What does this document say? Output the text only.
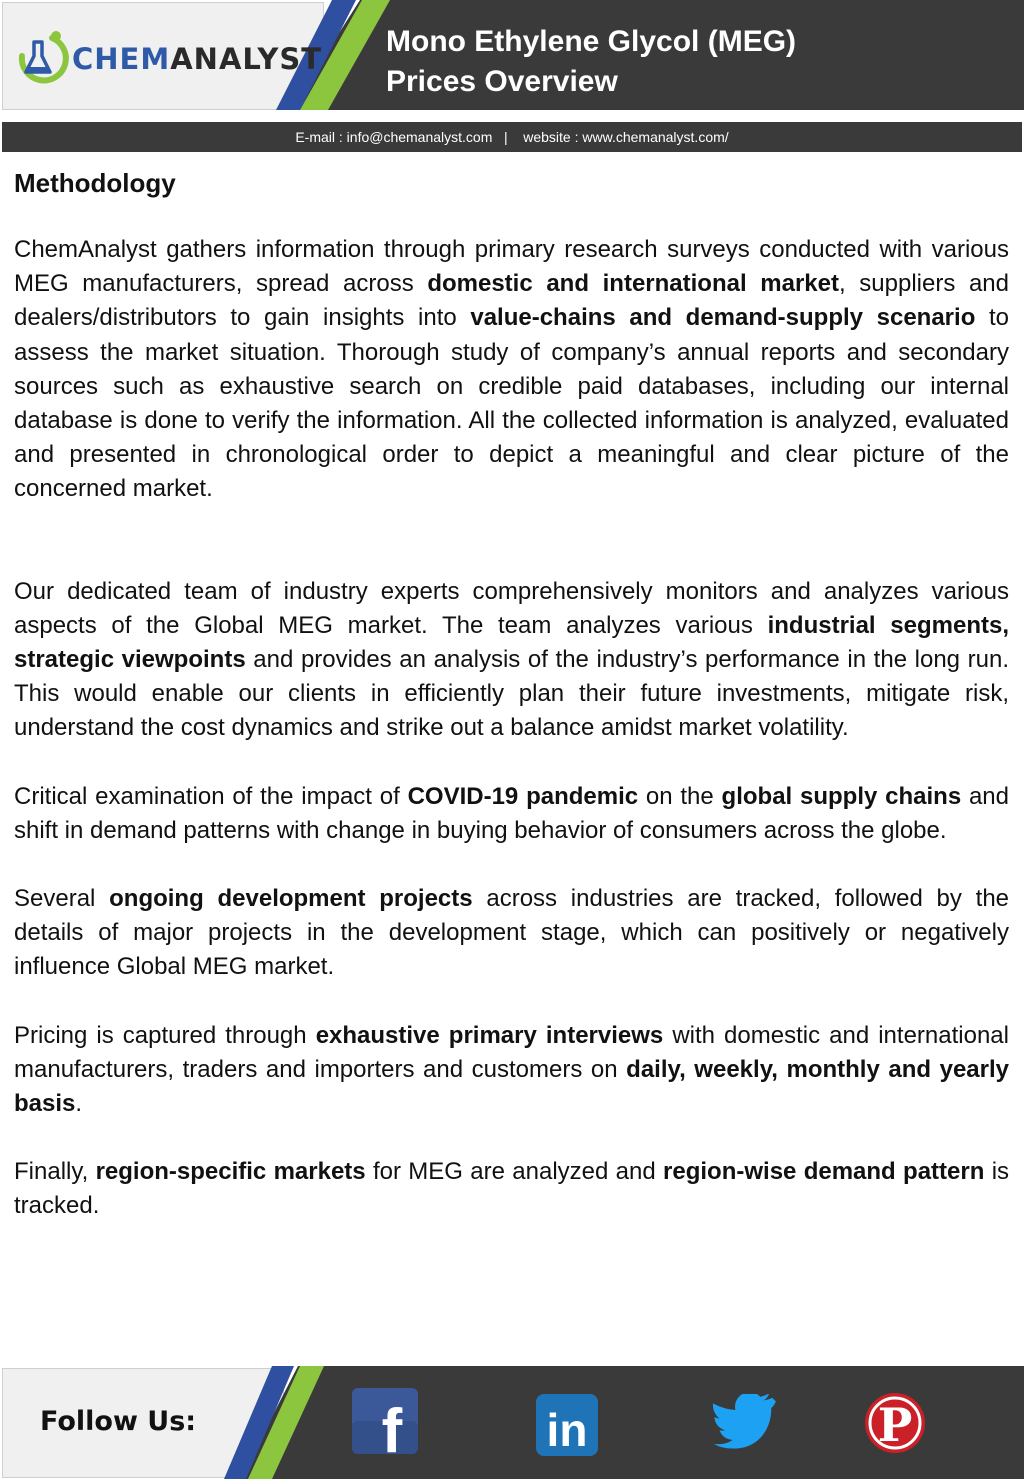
CHEMANALYST
Mono Ethylene Glycol (MEG)
Prices Overview
E-mail : info@chemanalyst.com   |    website : www.chemanalyst.com/
Methodology

ChemAnalyst gathers information through primary research surveys conducted with various MEG manufacturers, spread across domestic and international market, suppliers and dealers/distributors to gain insights into value-chains and demand-supply scenario to assess the market situation. Thorough study of company’s annual reports and secondary sources such as exhaustive search on credible paid databases, including our internal database is done to verify the information. All the collected information is analyzed, evaluated and presented in chronological order to depict a meaningful and clear picture of the concerned market.

Our dedicated team of industry experts comprehensively monitors and analyzes various aspects of the Global MEG market. The team analyzes various industrial segments, strategic viewpoints and provides an analysis of the industry’s performance in the long run. This would enable our clients in efficiently plan their future investments, mitigate risk, understand the cost dynamics and strike out a balance amidst market volatility.

Critical examination of the impact of COVID-19 pandemic on the global supply chains and shift in demand patterns with change in buying behavior of consumers across the globe.

Several ongoing development projects across industries are tracked, followed by the details of major projects in the development stage, which can positively or negatively influence Global MEG market.

Pricing is captured through exhaustive primary interviews with domestic and international manufacturers, traders and importers and customers on daily, weekly, monthly and yearly basis.

Finally, region-specific markets for MEG are analyzed and region-wise demand pattern is tracked.

Follow Us:	f	in	P
